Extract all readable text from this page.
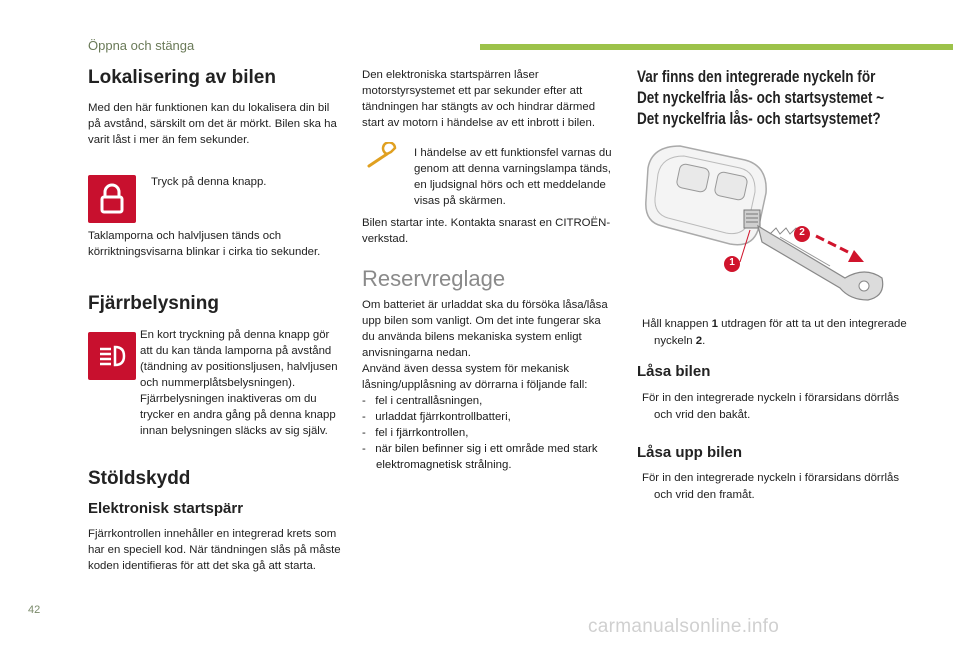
Öppna och stänga
Lokalisering av bilen

Med den här funktionen kan du lokalisera din bil på avstånd, särskilt om det är mörkt. Bilen ska ha varit låst i mer än fem sekunder.

Tryck på denna knapp.

Taklamporna och halvljusen tänds och körriktningsvisarna blinkar i cirka tio sekunder.

Fjärrbelysning

En kort tryckning på denna knapp gör att du kan tända lamporna på avstånd (tändning av positionsljusen, halvljusen och nummerplåtsbelysningen). Fjärrbelysningen inaktiveras om du trycker en andra gång på denna knapp innan belysningen släcks av sig själv.

Stöldskydd
Elektronisk startspärr

Fjärrkontrollen innehåller en integrerad krets som har en speciell kod. När tändningen slås på måste koden identifieras för att det ska gå att starta.

Den elektroniska startspärren låser motorstyrsystemet ett par sekunder efter att tändningen har stängts av och hindrar därmed start av motorn i händelse av ett inbrott i bilen.

I händelse av ett funktionsfel varnas du genom att denna varningslampa tänds, en ljudsignal hörs och ett meddelande visas på skärmen.

Bilen startar inte. Kontakta snarast en CITROËN-verkstad.

Reservreglage

Om batteriet är urladdat ska du försöka låsa/låsa upp bilen som vanligt. Om det inte fungerar ska du använda bilens mekaniska system enligt anvisningarna nedan.
Använd även dessa system för mekanisk låsning/upplåsning av dörrarna i följande fall:

-   fel i centrallåsningen,
-   urladdat fjärrkontrollbatteri,
-   fel i fjärrkontrollen,
-   när bilen befinner sig i ett område med stark elektromagnetisk strålning.
Var finns den integrerade nyckeln för
Det nyckelfria lås- och startsystemet ~
Det nyckelfria lås- och startsystemet?
2
1
Håll knappen 1 utdragen för att ta ut den integrerade nyckeln 2.
Låsa bilen
För in den integrerade nyckeln i förarsidans dörrlås och vrid den bakåt.
Låsa upp bilen
För in den integrerade nyckeln i förarsidans dörrlås och vrid den framåt.
42
carmanualsonline.info
